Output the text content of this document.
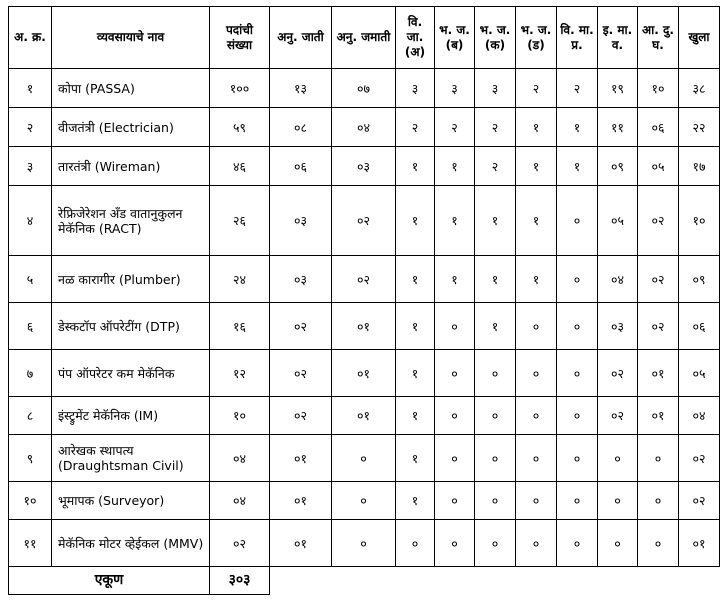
अ. क्र.	व्यवसायाचे नाव	पदांची संख्या	अनु. जाती	अनु. जमाती	वि. जा. (अ)	भ. ज. (ब)	भ. ज. (क)	भ. ज. (ड)	वि. मा. प्र.	इ. मा. व.	आ. दु. घ.	खुला
१	कोपा (PASSA)	१००	१३	०७	३	३	३	२	२	१९	१०	३८
२	वीजतंत्री (Electrician)	५९	०८	०४	२	२	२	१	१	११	०६	२२
३	तारतंत्री (Wireman)	४६	०६	०३	१	१	२	१	१	०९	०५	१७
४	रेफ्रिजेरेशन अँड वातानुकुलन मेकॅनिक (RACT)	२६	०३	०२	१	१	१	१	०	०५	०२	१०
५	नळ कारागीर (Plumber)	२४	०३	०२	१	१	१	१	०	०४	०२	०९
६	डेस्कटॉप ऑपरेटींग (DTP)	१६	०२	०१	१	०	१	०	०	०३	०२	०६
७	पंप ऑपरेटर कम मेकॅनिक	१२	०२	०१	१	०	०	०	०	०२	०१	०५
८	इंस्ट्रुमेंट मेकॅनिक (IM)	१०	०२	०१	१	०	०	०	०	०२	०१	०४
९	आरेखक स्थापत्य (Draughtsman Civil)	०४	०१	०	१	०	०	०	०	०	०	०२
१०	भूमापक (Surveyor)	०४	०१	०	१	०	०	०	०	०	०	०२
११	मेकॅनिक मोटर व्हेईकल (MMV)	०२	०१	०	०	०	०	०	०	०	०	०१
एकूण		३०३										
